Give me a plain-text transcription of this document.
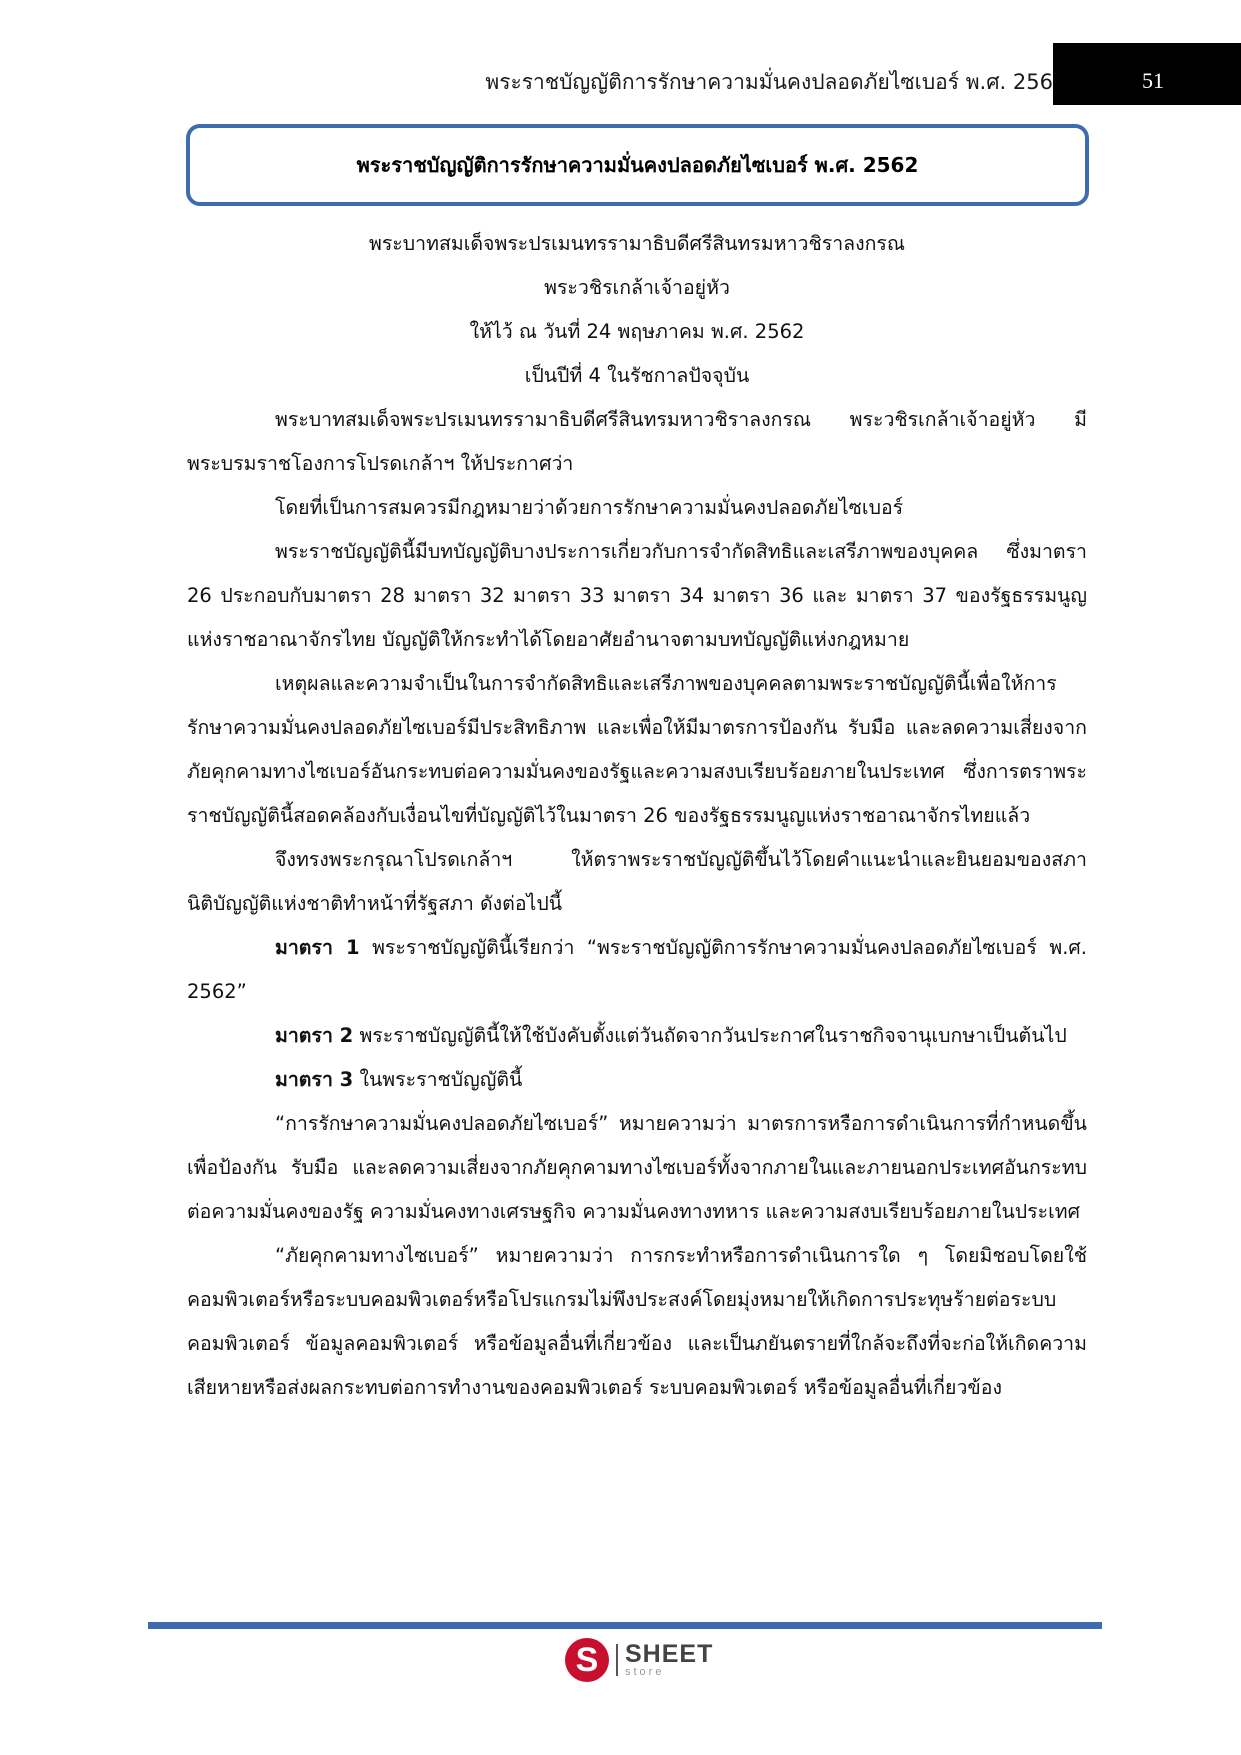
พระราชบัญญัติการรักษาความมั่นคงปลอดภัยไซเบอร์ พ.ศ. 256	51
พระราชบัญญัติการรักษาความมั่นคงปลอดภัยไซเบอร์ พ.ศ. 2562

พระบาทสมเด็จพระปรเมนทรรามาธิบดีศรีสินทรมหาวชิราลงกรณ

พระวชิรเกล้าเจ้าอยู่หัว

ให้ไว้ ณ วันที่ 24 พฤษภาคม พ.ศ. 2562

เป็นปีที่ 4 ในรัชกาลปัจจุบัน

พระบาทสมเด็จพระปรเมนทรรามาธิบดีศรีสินทรมหาวชิราลงกรณ พระวชิรเกล้าเจ้าอยู่หัว มีพระบรมราชโองการโปรดเกล้าฯ ให้ประกาศว่า

โดยที่เป็นการสมควรมีกฎหมายว่าด้วยการรักษาความมั่นคงปลอดภัยไซเบอร์

พระราชบัญญัตินี้มีบทบัญญัติบางประการเกี่ยวกับการจำกัดสิทธิและเสรีภาพของบุคคล ซึ่งมาตรา 26 ประกอบกับมาตรา 28 มาตรา 32 มาตรา 33 มาตรา 34 มาตรา 36 และ มาตรา 37 ของรัฐธรรมนูญแห่งราชอาณาจักรไทย บัญญัติให้กระทำได้โดยอาศัยอำนาจตามบทบัญญัติแห่งกฎหมาย

เหตุผลและความจำเป็นในการจำกัดสิทธิและเสรีภาพของบุคคลตามพระราชบัญญัตินี้เพื่อให้การรักษาความมั่นคงปลอดภัยไซเบอร์มีประสิทธิภาพ และเพื่อให้มีมาตรการป้องกัน รับมือ และลดความเสี่ยงจากภัยคุกคามทางไซเบอร์อันกระทบต่อความมั่นคงของรัฐและความสงบเรียบร้อยภายในประเทศ ซึ่งการตราพระราชบัญญัตินี้สอดคล้องกับเงื่อนไขที่บัญญัติไว้ในมาตรา 26 ของรัฐธรรมนูญแห่งราชอาณาจักรไทยแล้ว

จึงทรงพระกรุณาโปรดเกล้าฯ ให้ตราพระราชบัญญัติขึ้นไว้โดยคำแนะนำและยินยอมของสภานิติบัญญัติแห่งชาติทำหน้าที่รัฐสภา ดังต่อไปนี้

มาตรา 1 พระราชบัญญัตินี้เรียกว่า “พระราชบัญญัติการรักษาความมั่นคงปลอดภัยไซเบอร์ พ.ศ. 2562”

มาตรา 2 พระราชบัญญัตินี้ให้ใช้บังคับตั้งแต่วันถัดจากวันประกาศในราชกิจจานุเบกษาเป็นต้นไป

มาตรา 3 ในพระราชบัญญัตินี้

“การรักษาความมั่นคงปลอดภัยไซเบอร์” หมายความว่า มาตรการหรือการดำเนินการที่กำหนดขึ้นเพื่อป้องกัน รับมือ และลดความเสี่ยงจากภัยคุกคามทางไซเบอร์ทั้งจากภายในและภายนอกประเทศอันกระทบต่อความมั่นคงของรัฐ ความมั่นคงทางเศรษฐกิจ ความมั่นคงทางทหาร และความสงบเรียบร้อยภายในประเทศ

“ภัยคุกคามทางไซเบอร์” หมายความว่า การกระทำหรือการดำเนินการใด ๆ โดยมิชอบโดยใช้คอมพิวเตอร์หรือระบบคอมพิวเตอร์หรือโปรแกรมไม่พึงประสงค์โดยมุ่งหมายให้เกิดการประทุษร้ายต่อระบบคอมพิวเตอร์ ข้อมูลคอมพิวเตอร์ หรือข้อมูลอื่นที่เกี่ยวข้อง และเป็นภยันตรายที่ใกล้จะถึงที่จะก่อให้เกิดความเสียหายหรือส่งผลกระทบต่อการทำงานของคอมพิวเตอร์ ระบบคอมพิวเตอร์ หรือข้อมูลอื่นที่เกี่ยวข้อง

S	SHEET
store
